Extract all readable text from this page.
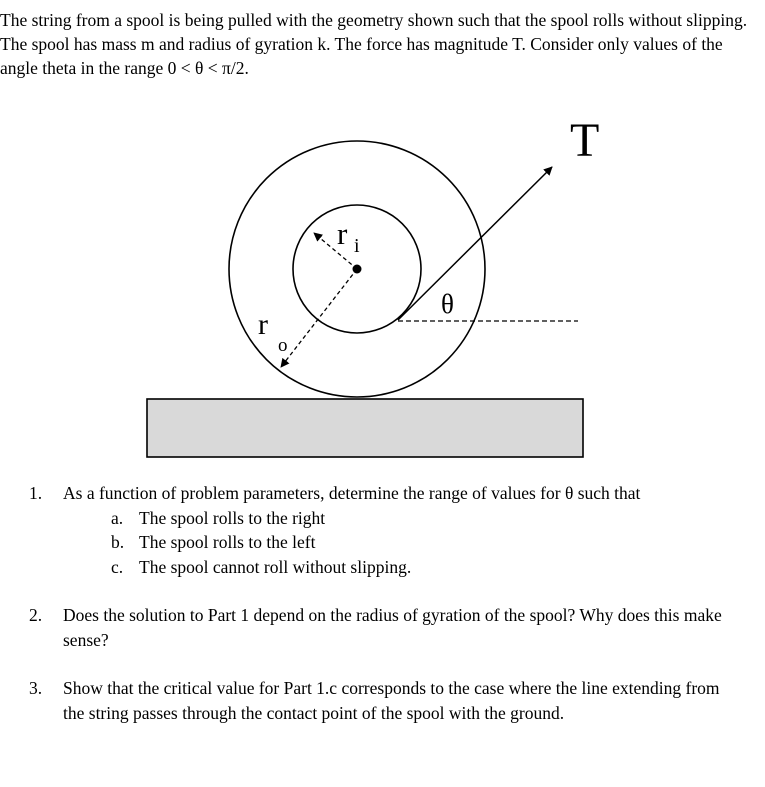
The string from a spool is being pulled with the geometry shown such that the spool rolls without slipping. The spool has mass m and radius of gyration k. The force has magnitude T. Consider only values of the angle theta in the range 0 < θ < π/2.

T
r i
r
o
θ
1. As a function of problem parameters, determine the range of values for θ such that
a. The spool rolls to the right
b. The spool rolls to the left
c. The spool cannot roll without slipping.
2. Does the solution to Part 1 depend on the radius of gyration of the spool? Why does this make sense?
3. Show that the critical value for Part 1.c corresponds to the case where the line extending from the string passes through the contact point of the spool with the ground.
